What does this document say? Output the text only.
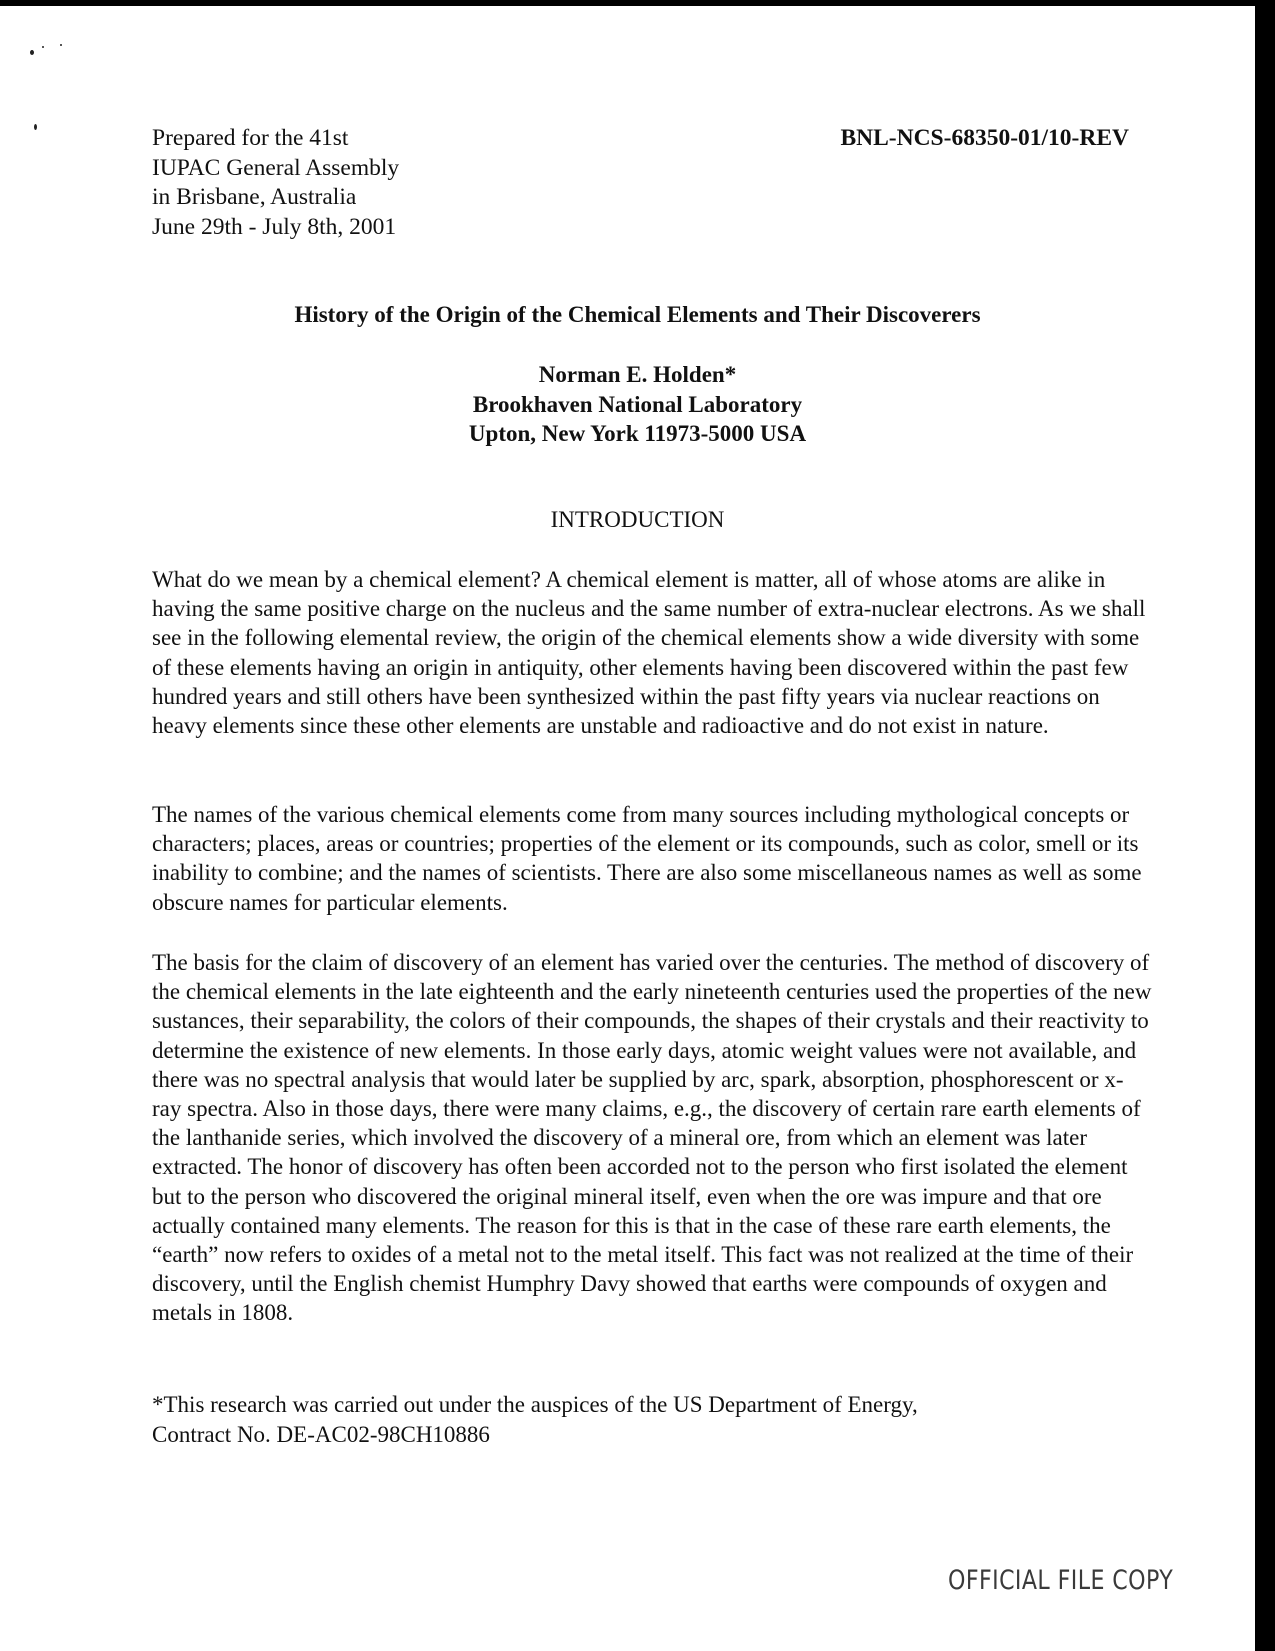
Prepared for the 41st
IUPAC General Assembly
in Brisbane, Australia
June 29th - July 8th, 2001
BNL-NCS-68350-01/10-REV
History of the Origin of the Chemical Elements and Their Discoverers
Norman E. Holden*
Brookhaven National Laboratory
Upton, New York 11973-5000 USA
INTRODUCTION

What do we mean by a chemical element? A chemical element is matter, all of whose atoms are alike in having the same positive charge on the nucleus and the same number of extra-nuclear electrons. As we shall see in the following elemental review, the origin of the chemical elements show a wide diversity with some of these elements having an origin in antiquity, other elements having been discovered within the past few hundred years and still others have been synthesized within the past fifty years via nuclear reactions on heavy elements since these other elements are unstable and radioactive and do not exist in nature.

The names of the various chemical elements come from many sources including mythological concepts or characters; places, areas or countries; properties of the element or its compounds, such as color, smell or its inability to combine; and the names of scientists. There are also some miscellaneous names as well as some obscure names for particular elements.

The basis for the claim of discovery of an element has varied over the centuries. The method of discovery of the chemical elements in the late eighteenth and the early nineteenth centuries used the properties of the new sustances, their separability, the colors of their compounds, the shapes of their crystals and their reactivity to determine the existence of new elements. In those early days, atomic weight values were not available, and there was no spectral analysis that would later be supplied by arc, spark, absorption, phosphorescent or x-ray spectra. Also in those days, there were many claims, e.g., the discovery of certain rare earth elements of the lanthanide series, which involved the discovery of a mineral ore, from which an element was later extracted. The honor of discovery has often been accorded not to the person who first isolated the element but to the person who discovered the original mineral itself, even when the ore was impure and that ore actually contained many elements. The reason for this is that in the case of these rare earth elements, the “earth” now refers to oxides of a metal not to the metal itself. This fact was not realized at the time of their discovery, until the English chemist Humphry Davy showed that earths were compounds of oxygen and metals in 1808.

*This research was carried out under the auspices of the US Department of Energy,
Contract No. DE-AC02-98CH10886
OFFICIAL FILE COPY
